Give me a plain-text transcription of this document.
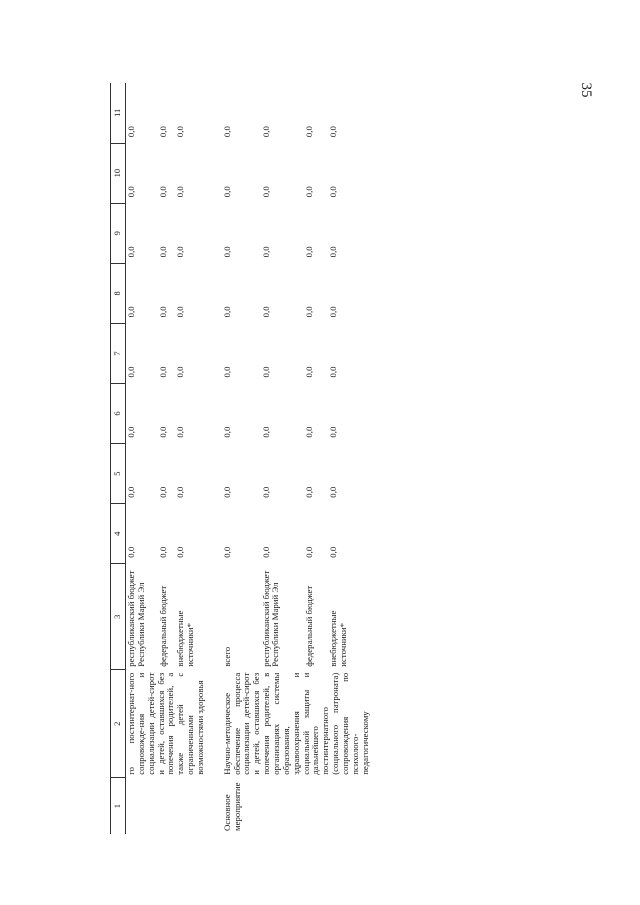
35
1	2	3	4	5	6	7	8	9	10	11
	го постинтернат-ного сопровожде-ния и социализации детей-сирот и детей, оставшихся без попечения родителей, а также детей с ограниченными возможностями здоровья	республиканский бюджет Республики Марий Эл	0,0	0,0	0,0	0,0	0,0	0,0	0,0	0,0
		федеральный бюджет	0,0	0,0	0,0	0,0	0,0	0,0	0,0	0,0
		внебюджетные источники*	0,0	0,0	0,0	0,0	0,0	0,0	0,0	0,0
Основное мероприятие	Научно-методическое обеспечение процесса социализации детей-сирот и детей, оставшихся без попечения родителей, в организациях системы образования, здравоохранения и социальной защиты и дальнейшего постинтернатного (социального патроната) сопровождения по психолого-педагогическому	всего	0,0	0,0	0,0	0,0	0,0	0,0	0,0	0,0
		республиканский бюджет Республики Марий Эл	0,0	0,0	0,0	0,0	0,0	0,0	0,0	0,0
		федеральный бюджет	0,0	0,0	0,0	0,0	0,0	0,0	0,0	0,0
		внебюджетные источники*	0,0	0,0	0,0	0,0	0,0	0,0	0,0	0,0
